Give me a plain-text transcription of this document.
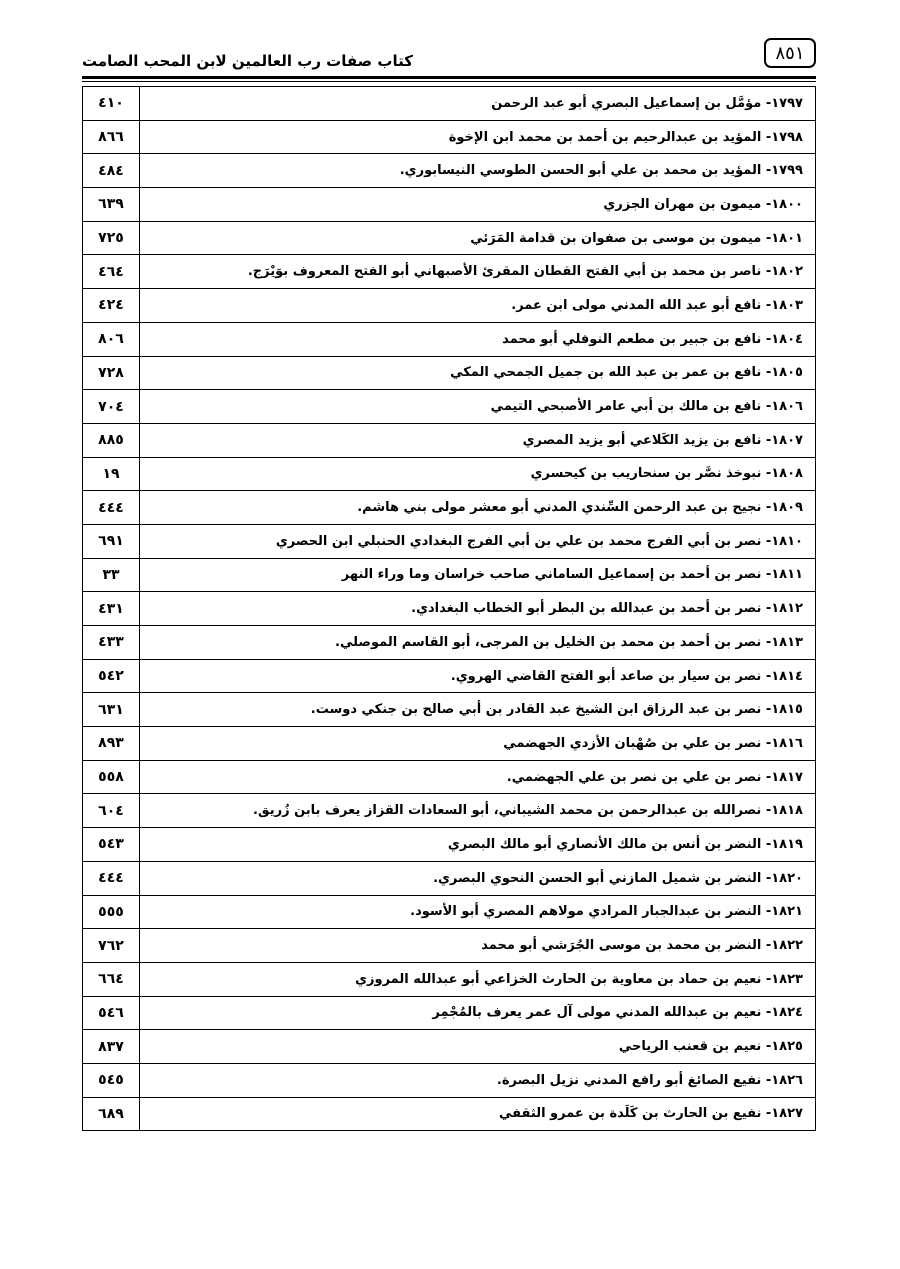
كتاب صفات رب العالمين لابن المحب الصامت	٨٥١
٤١٠	١٧٩٧- مؤمَّل بن إسماعيل البصري أبو عبد الرحمن
٨٦٦	١٧٩٨- المؤيد بن عبدالرحيم بن أحمد بن محمد ابن الإخوة
٤٨٤	١٧٩٩- المؤيد بن محمد بن علي أبو الحسن الطوسي النيسابوري.
٦٣٩	١٨٠٠- ميمون بن مهران الجزري
٧٢٥	١٨٠١- ميمون بن موسى بن صفوان بن قدامة المَرَئي
٤٦٤	١٨٠٢- ناصر بن محمد بن أبي الفتح القطان المقرئ الأصبهاني أبو الفتح المعروف بوَيْرَج.
٤٢٤	١٨٠٣- نافع أبو عبد الله المدني مولى ابن عمر.
٨٠٦	١٨٠٤- نافع بن جبير بن مطعم النوفلي أبو محمد
٧٢٨	١٨٠٥- نافع بن عمر بن عبد الله بن جميل الجمحي المكي
٧٠٤	١٨٠٦- نافع بن مالك بن أبي عامر الأصبحي التيمي
٨٨٥	١٨٠٧- نافع بن يزيد الكَلاعي أبو يزيد المصري
١٩	١٨٠٨- نبوخذ نصَّر بن سنحاريب بن كيحسري
٤٤٤	١٨٠٩- نجيح بن عبد الرحمن السِّندي المدني أبو معشر مولى بني هاشم.
٦٩١	١٨١٠- نصر بن أبي الفرج محمد بن علي بن أبي الفرج البغدادي الحنبلي ابن الحصري
٣٣	١٨١١- نصر بن أحمد بن إسماعيل الساماني صاحب خراسان وما وراء النهر
٤٣١	١٨١٢- نصر بن أحمد بن عبدالله بن البطر أبو الخطاب البغدادي.
٤٣٣	١٨١٣- نصر بن أحمد بن محمد بن الخليل بن المرجى، أبو القاسم الموصلي.
٥٤٢	١٨١٤- نصر بن سيار بن صاعد أبو الفتح القاضي الهروي.
٦٣١	١٨١٥- نصر بن عبد الرزاق ابن الشيخ عبد القادر بن أبي صالح بن جنكي دوست.
٨٩٣	١٨١٦- نصر بن علي بن صُهْبان الأزدي الجهضمي
٥٥٨	١٨١٧- نصر بن علي بن نصر بن علي الجهضمي.
٦٠٤	١٨١٨- نصرالله بن عبدالرحمن بن محمد الشيباني، أبو السعادات القزاز يعرف بابن زُريق.
٥٤٣	١٨١٩- النضر بن أنس بن مالك الأنصاري أبو مالك البصري
٤٤٤	١٨٢٠- النضر بن شميل المازني أبو الحسن النحوي البصري.
٥٥٥	١٨٢١- النضر بن عبدالجبار المرادي مولاهم المصري أبو الأسود.
٧٦٢	١٨٢٢- النضر بن محمد بن موسى الجُرَشي أبو محمد
٦٦٤	١٨٢٣- نعيم بن حماد بن معاوية بن الحارث الخزاعي أبو عبدالله المروزي
٥٤٦	١٨٢٤- نعيم بن عبدالله المدني مولى آل عمر يعرف بالمُجْمِر
٨٣٧	١٨٢٥- نعيم بن قعنب الرياحي
٥٤٥	١٨٢٦- نفيع الصائغ أبو رافع المدني نزيل البصرة.
٦٨٩	١٨٢٧- نفيع بن الحارث بن كَلَدة بن عمرو الثقفي
